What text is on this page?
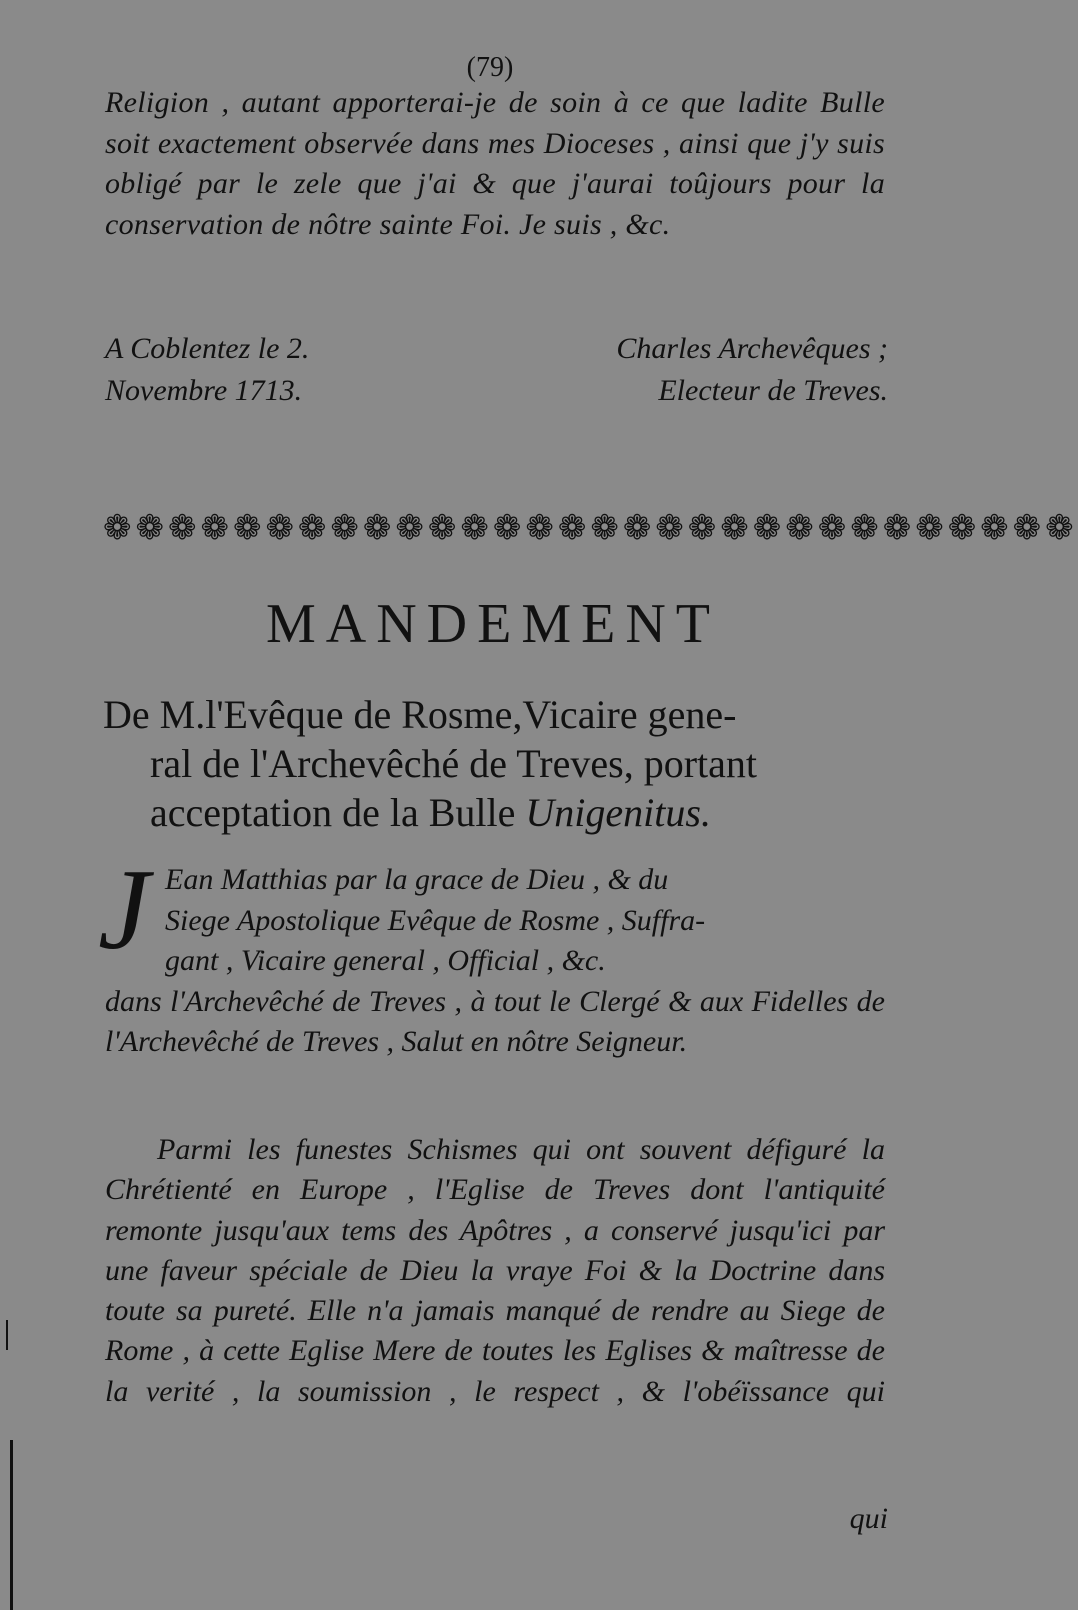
(79)
Religion , autant apporterai-je de soin à ce que ladite Bulle soit exactement observée dans mes Dioceses , ainsi que j'y suis obligé par le zele que j'ai & que j'aurai toûjours pour la conservation de nôtre sainte Foi. Je suis , &c.
A Coblentez le 2.
Novembre 1713.
Charles Archevêques ;
Electeur de Treves.
❁❁❁❁❁❁❁❁❁❁❁❁❁❁❁❁❁❁❁❁❁❁❁❁❁❁❁❁❁❁
MANDEMENT
De M.l'Evêque de Rosme,Vicaire gene-
ral de l'Archevêché de Treves, portant acceptation de la Bulle Unigenitus.
J Ean Matthias par la grace de Dieu , & du
Siege Apostolique Evêque de Rosme , Suffra-
gant , Vicaire general , Official , &c.
dans l'Archevêché de Treves , à tout le Clergé & aux Fidelles de l'Archevêché de Treves , Salut en nôtre Seigneur.
Parmi les funestes Schismes qui ont souvent défiguré la Chrétienté en Europe , l'Eglise de Treves dont l'antiquité remonte jusqu'aux tems des Apôtres , a conservé jusqu'ici par une faveur spéciale de Dieu la vraye Foi & la Doctrine dans toute sa pureté. Elle n'a jamais manqué de rendre au Siege de Rome , à cette Eglise Mere de toutes les Eglises & maîtresse de la verité , la soumission , le respect , & l'obéïssance qui
qui
